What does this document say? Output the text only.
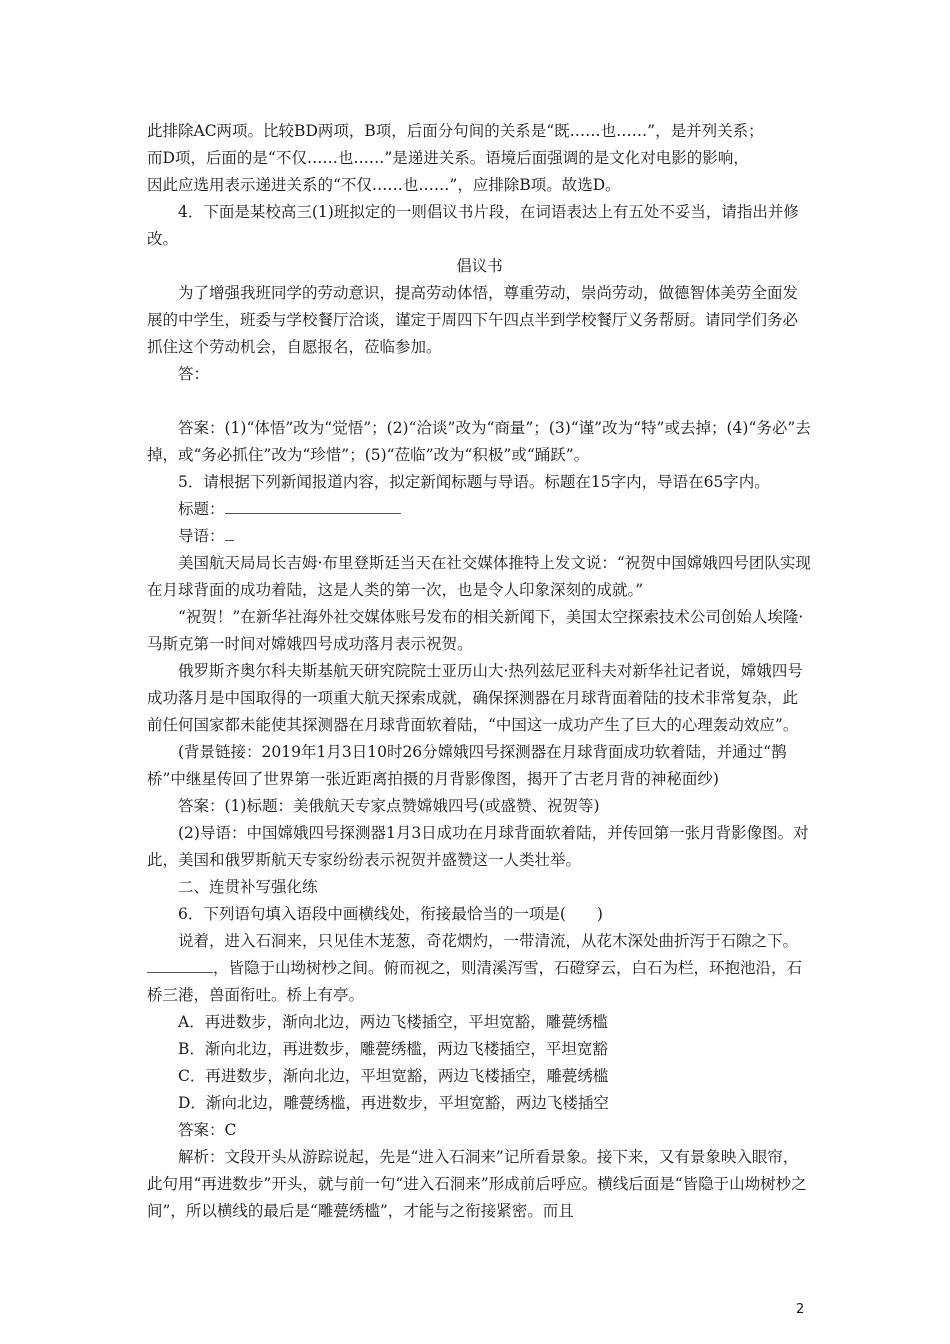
此排除AC两项。比较BD两项，B项，后面分句间的关系是“既……也……”，是并列关系；

而D项，后面的是“不仅……也……”是递进关系。语境后面强调的是文化对电影的影响，

因此应选用表示递进关系的“不仅……也……”，应排除B项。故选D。

4．下面是某校高三(1)班拟定的一则倡议书片段，在词语表达上有五处不妥当，请指出并修改。

倡议书

为了增强我班同学的劳动意识，提高劳动体悟，尊重劳动，崇尚劳动，做德智体美劳全面发展的中学生，班委与学校餐厅洽谈，谨定于周四下午四点半到学校餐厅义务帮厨。请同学们务必抓住这个劳动机会，自愿报名，莅临参加。

答：

答案：(1)“体悟”改为“觉悟”；(2)“洽谈”改为“商量”；(3)“谨”改为“特”或去掉；(4)“务必”去掉，或“务必抓住”改为“珍惜”；(5)“莅临”改为“积极”或“踊跃”。

5．请根据下列新闻报道内容，拟定新闻标题与导语。标题在15字内，导语在65字内。

标题：

导语：

美国航天局局长吉姆·布里登斯廷当天在社交媒体推特上发文说：“祝贺中国嫦娥四号团队实现在月球背面的成功着陆，这是人类的第一次，也是令人印象深刻的成就。”

“祝贺！”在新华社海外社交媒体账号发布的相关新闻下，美国太空探索技术公司创始人埃隆·马斯克第一时间对嫦娥四号成功落月表示祝贺。

俄罗斯齐奥尔科夫斯基航天研究院院士亚历山大·热列兹尼亚科夫对新华社记者说，嫦娥四号成功落月是中国取得的一项重大航天探索成就，确保探测器在月球背面着陆的技术非常复杂，此前任何国家都未能使其探测器在月球背面软着陆，“中国这一成功产生了巨大的心理轰动效应”。

(背景链接：2019年1月3日10时26分嫦娥四号探测器在月球背面成功软着陆，并通过“鹊桥”中继星传回了世界第一张近距离拍摄的月背影像图，揭开了古老月背的神秘面纱)

答案：(1)标题：美俄航天专家点赞嫦娥四号(或盛赞、祝贺等)

(2)导语：中国嫦娥四号探测器1月3日成功在月球背面软着陆，并传回第一张月背影像图。对此，美国和俄罗斯航天专家纷纷表示祝贺并盛赞这一人类壮举。

二、连贯补写强化练

6．下列语句填入语段中画横线处，衔接最恰当的一项是(　　)

说着，进入石洞来，只见佳木茏葱，奇花熌灼，一带清流，从花木深处曲折泻于石隙之下。，皆隐于山坳树杪之间。俯而视之，则清溪泻雪，石磴穿云，白石为栏，环抱池沿，石桥三港，兽面衔吐。桥上有亭。

A．再进数步，渐向北边，两边飞楼插空，平坦宽豁，雕甍绣槛

B．渐向北边，再进数步，雕甍绣槛，两边飞楼插空，平坦宽豁

C．再进数步，渐向北边，平坦宽豁，两边飞楼插空，雕甍绣槛

D．渐向北边，雕甍绣槛，再进数步，平坦宽豁，两边飞楼插空

答案：C

解析：文段开头从游踪说起，先是“进入石洞来”记所看景象。接下来，又有景象映入眼帘，此句用“再进数步”开头，就与前一句“进入石洞来”形成前后呼应。横线后面是“皆隐于山坳树杪之间”，所以横线的最后是“雕甍绣槛”，才能与之衔接紧密。而且

2
